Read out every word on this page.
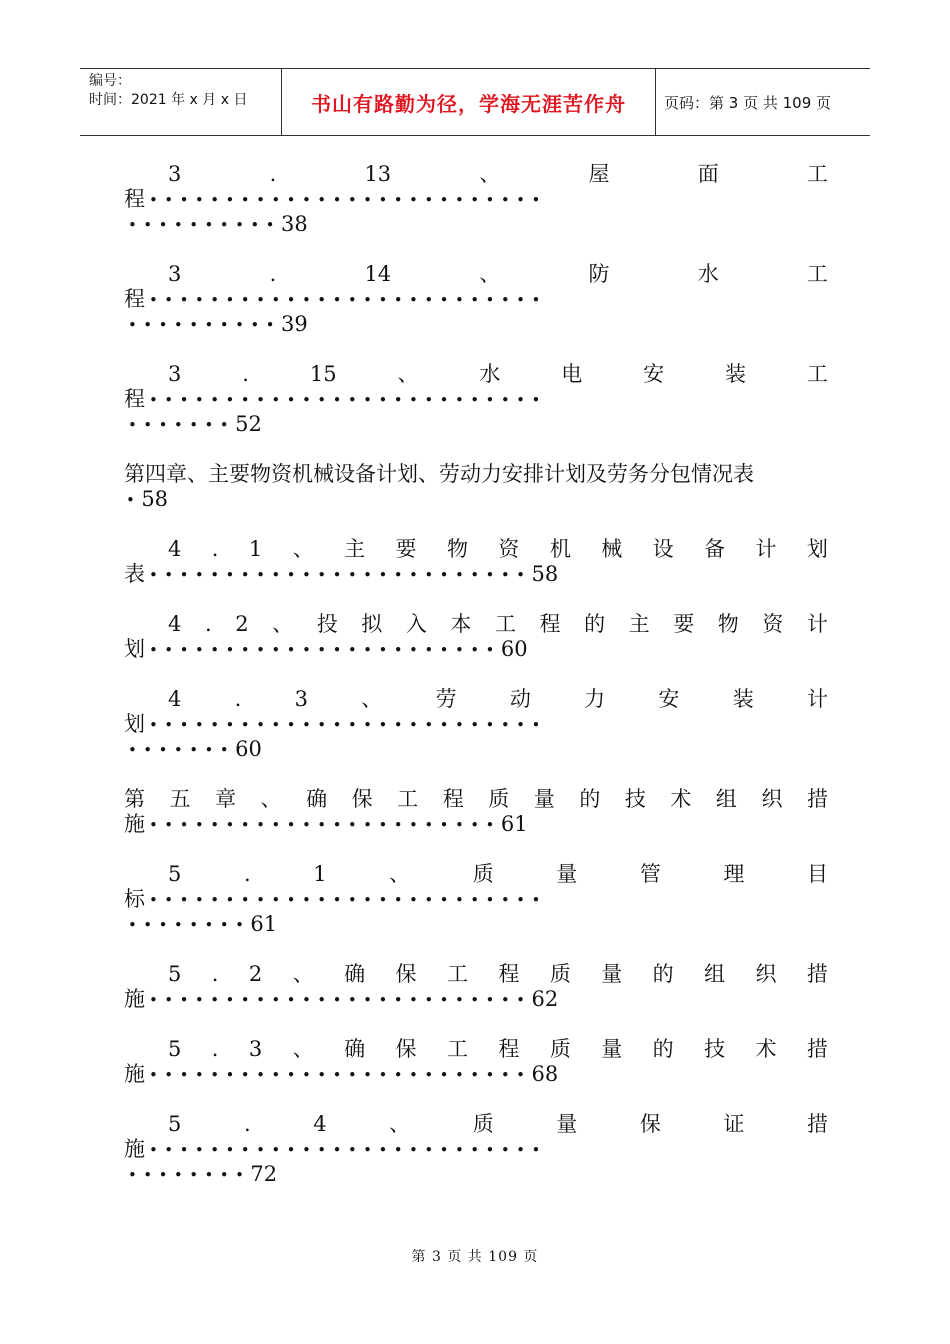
编号：
时间：2021 年 x 月 x 日	书山有路勤为径，学海无涯苦作舟	页码：第 3 页 共 109 页
3	.	13	、	屋	面	工
程 ••••••••••••••••••••••••••
••••••••••38
3	.	14	、	防	水	工
程 ••••••••••••••••••••••••••
••••••••••39
3	.	15	、	水	电	安	装	工
程 ••••••••••••••••••••••••••
•••••••52
第四章、主要物资机械设备计划、劳动力安排计划及劳务分包情况表
•58
4 . 1 、 主 要 物 资 机 械 设 备 计 划
表 •••••••••••••••••••••••••58
4 . 2 、 投 拟 入 本 工 程 的 主 要 物 资 计
划 •••••••••••••••••••••••60
4	.	3	、	劳	动	力	安	装	计
划 ••••••••••••••••••••••••••
•••••••60
第 五 章 、 确 保 工 程 质 量 的 技 术 组 织 措
施 •••••••••••••••••••••••61
5	.	1	、	质	量	管	理	目
标 ••••••••••••••••••••••••••
••••••••61
5 . 2 、 确 保 工 程 质 量 的 组 织 措
施 •••••••••••••••••••••••••62
5 . 3 、 确 保 工 程 质 量 的 技 术 措
施 •••••••••••••••••••••••••68
5	.	4	、	质	量	保	证	措
施 ••••••••••••••••••••••••••
••••••••72
第 3 页 共 109 页
